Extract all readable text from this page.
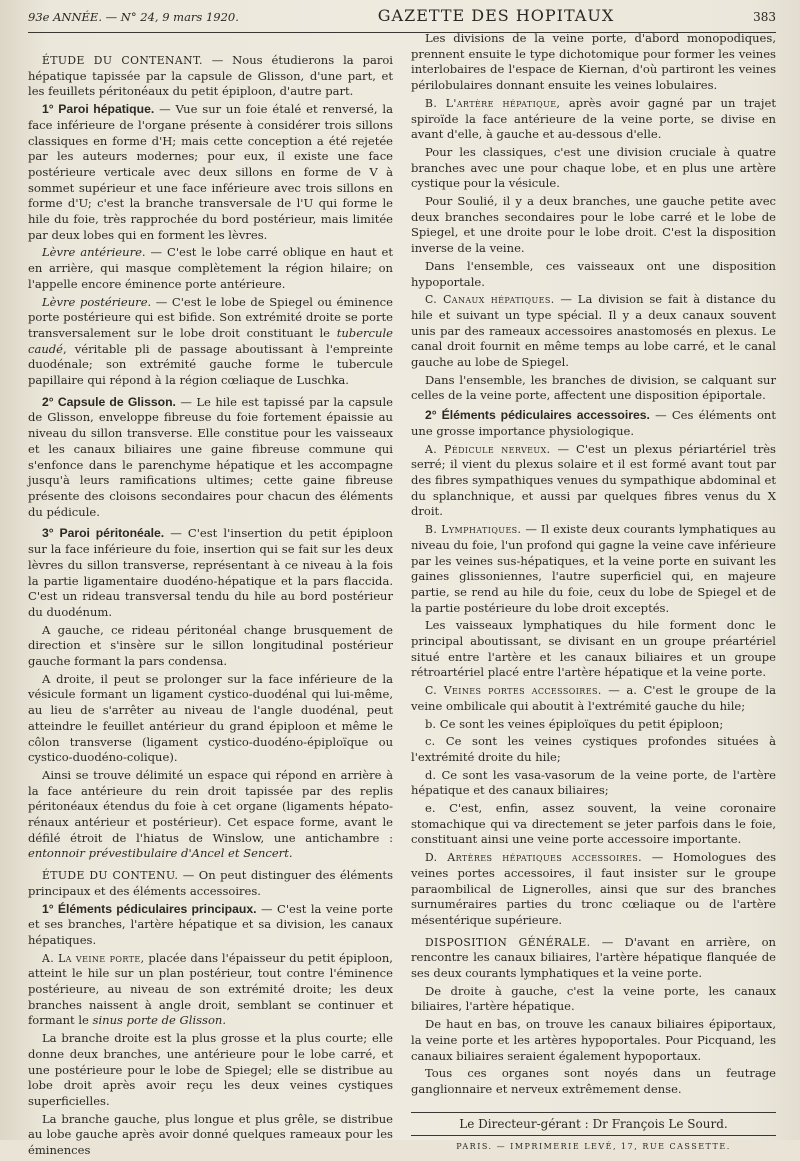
93e ANNÉE. — N° 24, 9 mars 1920.	GAZETTE DES HOPITAUX	383

ÉTUDE DU CONTENANT. — Nous étudierons la paroi hépatique tapissée par la capsule de Glisson, d'une part, et les feuillets péritonéaux du petit épiploon, d'autre part.

1° Paroi hépatique. — Vue sur un foie étalé et renversé, la face inférieure de l'organe présente à considérer trois sillons classiques en forme d'H; mais cette conception a été rejetée par les auteurs modernes; pour eux, il existe une face postérieure verticale avec deux sillons en forme de V à sommet supérieur et une face inférieure avec trois sillons en forme d'U; c'est la branche transversale de l'U qui forme le hile du foie, très rapprochée du bord postérieur, mais limitée par deux lobes qui en forment les lèvres.

Lèvre antérieure. — C'est le lobe carré oblique en haut et en arrière, qui masque complètement la région hilaire; on l'appelle encore éminence porte antérieure.

Lèvre postérieure. — C'est le lobe de Spiegel ou éminence porte postérieure qui est bifide. Son extrémité droite se porte transversalement sur le lobe droit constituant le tubercule caudé, véritable pli de passage aboutissant à l'empreinte duodénale; son extrémité gauche forme le tubercule papillaire qui répond à la région cœliaque de Luschka.

2° Capsule de Glisson. — Le hile est tapissé par la capsule de Glisson, enveloppe fibreuse du foie fortement épaissie au niveau du sillon transverse. Elle constitue pour les vaisseaux et les canaux biliaires une gaine fibreuse commune qui s'enfonce dans le parenchyme hépatique et les accompagne jusqu'à leurs ramifications ultimes; cette gaine fibreuse présente des cloisons secondaires pour chacun des éléments du pédicule.

3° Paroi péritonéale. — C'est l'insertion du petit épiploon sur la face inférieure du foie, insertion qui se fait sur les deux lèvres du sillon transverse, représentant à ce niveau à la fois la partie ligamentaire duodéno-hépatique et la pars flaccida. C'est un rideau transversal tendu du hile au bord postérieur du duodénum.

A gauche, ce rideau péritonéal change brusquement de direction et s'insère sur le sillon longitudinal postérieur gauche formant la pars condensa.

A droite, il peut se prolonger sur la face inférieure de la vésicule formant un ligament cystico-duodénal qui lui-même, au lieu de s'arrêter au niveau de l'angle duodénal, peut atteindre le feuillet antérieur du grand épiploon et même le côlon transverse (ligament cystico-duodéno-épiploïque ou cystico-duodéno-colique).

Ainsi se trouve délimité un espace qui répond en arrière à la face antérieure du rein droit tapissée par des replis péritonéaux étendus du foie à cet organe (ligaments hépato-rénaux antérieur et postérieur). Cet espace forme, avant le défilé étroit de l'hiatus de Winslow, une antichambre : entonnoir prévestibulaire d'Ancel et Sencert.

ÉTUDE DU CONTENU. — On peut distinguer des éléments principaux et des éléments accessoires.

1° Éléments pédiculaires principaux. — C'est la veine porte et ses branches, l'artère hépatique et sa division, les canaux hépatiques.

A. La veine porte, placée dans l'épaisseur du petit épiploon, atteint le hile sur un plan postérieur, tout contre l'éminence postérieure, au niveau de son extrémité droite; les deux branches naissent à angle droit, semblant se continuer et formant le sinus porte de Glisson.

La branche droite est la plus grosse et la plus courte; elle donne deux branches, une antérieure pour le lobe carré, et une postérieure pour le lobe de Spiegel; elle se distribue au lobe droit après avoir reçu les deux veines cystiques superficielles.

La branche gauche, plus longue et plus grêle, se distribue au lobe gauche après avoir donné quelques rameaux pour les éminences

Les divisions de la veine porte, d'abord monopodiques, prennent ensuite le type dichotomique pour former les veines interlobaires de l'espace de Kiernan, d'où partiront les veines périlobulaires donnant ensuite les veines lobulaires.

B. L'artère hépatique, après avoir gagné par un trajet spiroïde la face antérieure de la veine porte, se divise en avant d'elle, à gauche et au-dessous d'elle.

Pour les classiques, c'est une division cruciale à quatre branches avec une pour chaque lobe, et en plus une artère cystique pour la vésicule.

Pour Soulié, il y a deux branches, une gauche petite avec deux branches secondaires pour le lobe carré et le lobe de Spiegel, et une droite pour le lobe droit. C'est la disposition inverse de la veine.

Dans l'ensemble, ces vaisseaux ont une disposition hypoportale.

C. Canaux hépatiques. — La division se fait à distance du hile et suivant un type spécial. Il y a deux canaux souvent unis par des rameaux accessoires anastomosés en plexus. Le canal droit fournit en même temps au lobe carré, et le canal gauche au lobe de Spiegel.

Dans l'ensemble, les branches de division, se calquant sur celles de la veine porte, affectent une disposition épiportale.

2° Éléments pédiculaires accessoires. — Ces éléments ont une grosse importance physiologique.

A. Pédicule nerveux. — C'est un plexus périartériel très serré; il vient du plexus solaire et il est formé avant tout par des fibres sympathiques venues du sympathique abdominal et du splanchnique, et aussi par quelques fibres venus du X droit.

B. Lymphatiques. — Il existe deux courants lymphatiques au niveau du foie, l'un profond qui gagne la veine cave inférieure par les veines sus-hépatiques, et la veine porte en suivant les gaines glissoniennes, l'autre superficiel qui, en majeure partie, se rend au hile du foie, ceux du lobe de Spiegel et de la partie postérieure du lobe droit exceptés.

Les vaisseaux lymphatiques du hile forment donc le principal aboutissant, se divisant en un groupe préartériel situé entre l'artère et les canaux biliaires et un groupe rétroartériel placé entre l'artère hépatique et la veine porte.

C. Veines portes accessoires. — a. C'est le groupe de la veine ombilicale qui aboutit à l'extrémité gauche du hile;

b. Ce sont les veines épiploïques du petit épiploon;

c. Ce sont les veines cystiques profondes situées à l'extrémité droite du hile;

d. Ce sont les vasa-vasorum de la veine porte, de l'artère hépatique et des canaux biliaires;

e. C'est, enfin, assez souvent, la veine coronaire stomachique qui va directement se jeter parfois dans le foie, constituant ainsi une veine porte accessoire importante.

D. Artères hépatiques accessoires. — Homologues des veines portes accessoires, il faut insister sur le groupe paraombilical de Lignerolles, ainsi que sur des branches surnuméraires parties du tronc cœliaque ou de l'artère mésentérique supérieure.

DISPOSITION GÉNÉRALE. — D'avant en arrière, on rencontre les canaux biliaires, l'artère hépatique flanquée de ses deux courants lymphatiques et la veine porte.

De droite à gauche, c'est la veine porte, les canaux biliaires, l'artère hépatique.

De haut en bas, on trouve les canaux biliaires épiportaux, la veine porte et les artères hypoportales. Pour Picquand, les canaux biliaires seraient également hypoportaux.

Tous ces organes sont noyés dans un feutrage ganglionnaire et nerveux extrêmement dense.

Le Directeur-gérant : Dr François Le Sourd.
PARIS. — IMPRIMERIE LEVÉ, 17, RUE CASSETTE.
